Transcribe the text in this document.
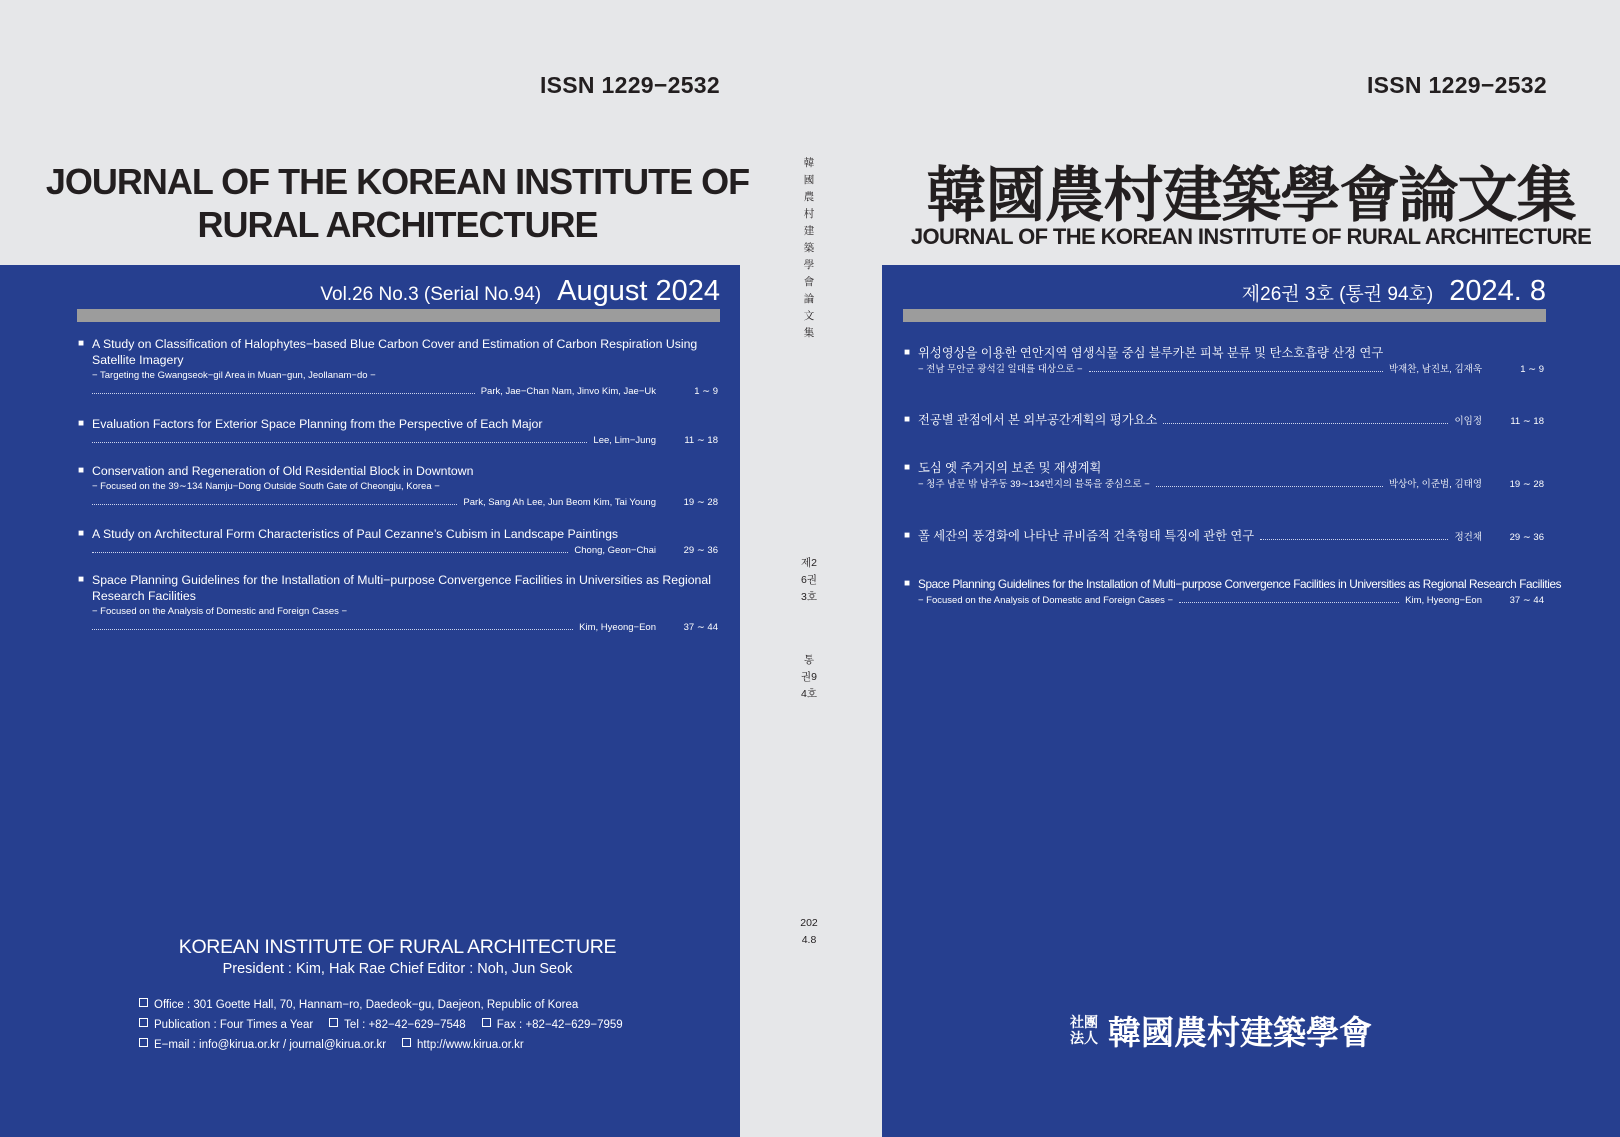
ISSN 1229−2532
JOURNAL OF THE KOREAN INSTITUTE OF
RURAL ARCHITECTURE
Vol.26 No.3 (Serial No.94) August 2024
■ A Study on Classification of Halophytes−based Blue Carbon Cover and Estimation of Carbon Respiration Using Satellite Imagery
− Targeting the Gwangseok−gil Area in Muan−gun, Jeollanam−do −
Park, Jae−Chan Nam, Jinvo Kim, Jae−Uk	1 ∼ 9
■ Evaluation Factors for Exterior Space Planning from the Perspective of Each Major
Lee, Lim−Jung	11 ∼ 18
■ Conservation and Regeneration of Old Residential Block in Downtown
− Focused on the 39∼134 Namju−Dong Outside South Gate of Cheongju, Korea −
Park, Sang Ah Lee, Jun Beom Kim, Tai Young	19 ∼ 28
■ A Study on Architectural Form Characteristics of Paul Cezanne’s Cubism in Landscape Paintings
Chong, Geon−Chai	29 ∼ 36
■ Space Planning Guidelines for the Installation of Multi−purpose Convergence Facilities in Universities as Regional Research Facilities
− Focused on the Analysis of Domestic and Foreign Cases −
Kim, Hyeong−Eon	37 ∼ 44
KOREAN INSTITUTE OF RURAL ARCHITECTURE
President : Kim, Hak Rae Chief Editor : Noh, Jun Seok
Office : 301 Goette Hall, 70, Hannam−ro, Daedeok−gu, Daejeon, Republic of Korea
Publication : Four Times a Year	Tel : +82−42−629−7548	Fax : +82−42−629−7959
E−mail : info@kirua.or.kr / journal@kirua.or.kr	http://www.kirua.or.kr
韓國農村建築學會論文集
제26권3호
통권94호
2024.8
ISSN 1229−2532
韓國農村建築學會論文集
JOURNAL OF THE KOREAN INSTITUTE OF RURAL ARCHITECTURE
제26권 3호 (통권 94호) 2024. 8
■ 위성영상을 이용한 연안지역 염생식물 중심 블루카본 피복 분류 및 탄소호흡량 산정 연구
− 전남 무안군 광석길 일대를 대상으로 −	박재찬, 남진보, 김재욱	1 ∼ 9
■ 전공별 관점에서 본 외부공간계획의 평가요소	이임정	11 ∼ 18
■ 도심 옛 주거지의 보존 및 재생계획
− 청주 남문 밖 남주동 39∼134번지의 블록을 중심으로 −	박상아, 이준범, 김태영	19 ∼ 28
■ 폴 세잔의 풍경화에 나타난 큐비즘적 건축형태 특징에 관한 연구	정건채	29 ∼ 36
■ Space Planning Guidelines for the Installation of Multi−purpose Convergence Facilities in Universities as Regional Research Facilities
− Focused on the Analysis of Domestic and Foreign Cases −	Kim, Hyeong−Eon	37 ∼ 44
社團
法人 韓國農村建築學會
